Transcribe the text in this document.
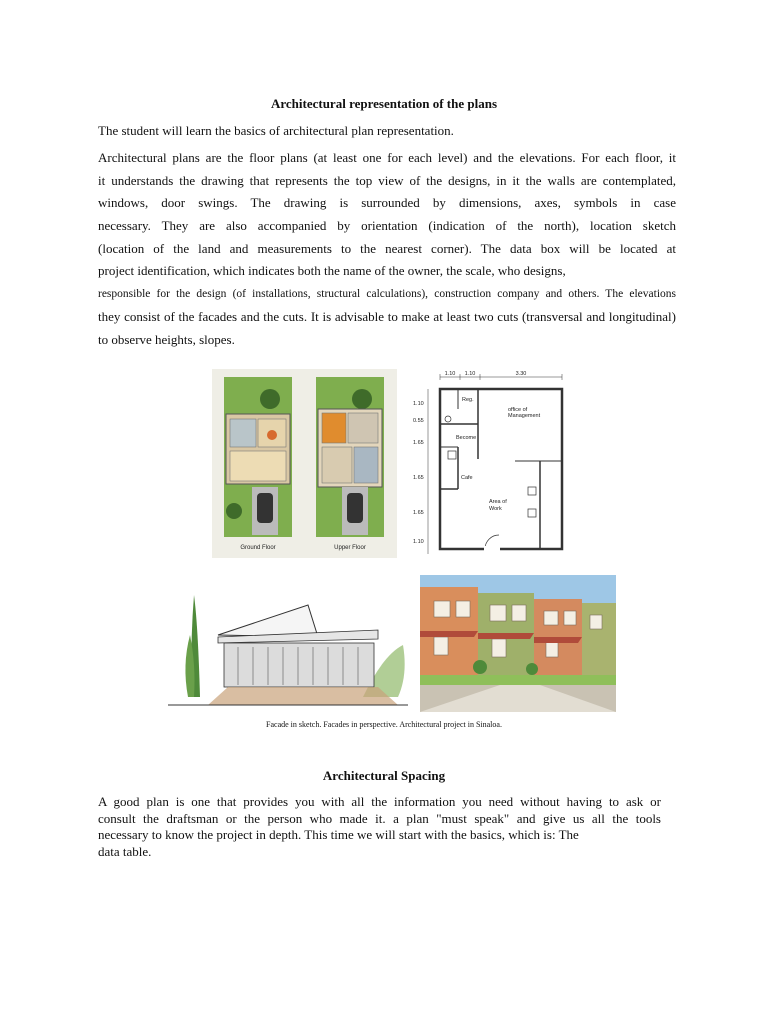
Architectural representation of the plans
The student will learn the basics of architectural plan representation.
Architectural plans are the floor plans (at least one for each level) and the elevations. For each floor, it
it understands the drawing that represents the top view of the designs, in it the walls are contemplated,
windows, door swings. The drawing is surrounded by dimensions, axes, symbols in case
necessary. They are also accompanied by orientation (indication of the north), location sketch
(location of the land and measurements to the nearest corner). The data box will be located at
project identification, which indicates both the name of the owner, the scale, who designs,
responsible for the design (of installations, structural calculations), construction company and others. The elevations
they consist of the facades and the cuts. It is advisable to make at least two cuts (transversal and longitudinal)
to observe heights, slopes.
Ground Floor	Upper Floor
1.10 1.10	3.30
1.10
0.55
1.65
1.65
1.65
1.10
Reg.
office of
Management
Become
Cafe
Area of
Work
Facade in sketch. Facades in perspective. Architectural project in Sinaloa.
Architectural Spacing
A good plan is one that provides you with all the information you need without having to ask or
consult the draftsman or the person who made it. a plan "must speak" and give us all the tools
necessary to know the project in depth. This time we will start with the basics, which is: The
data table.
